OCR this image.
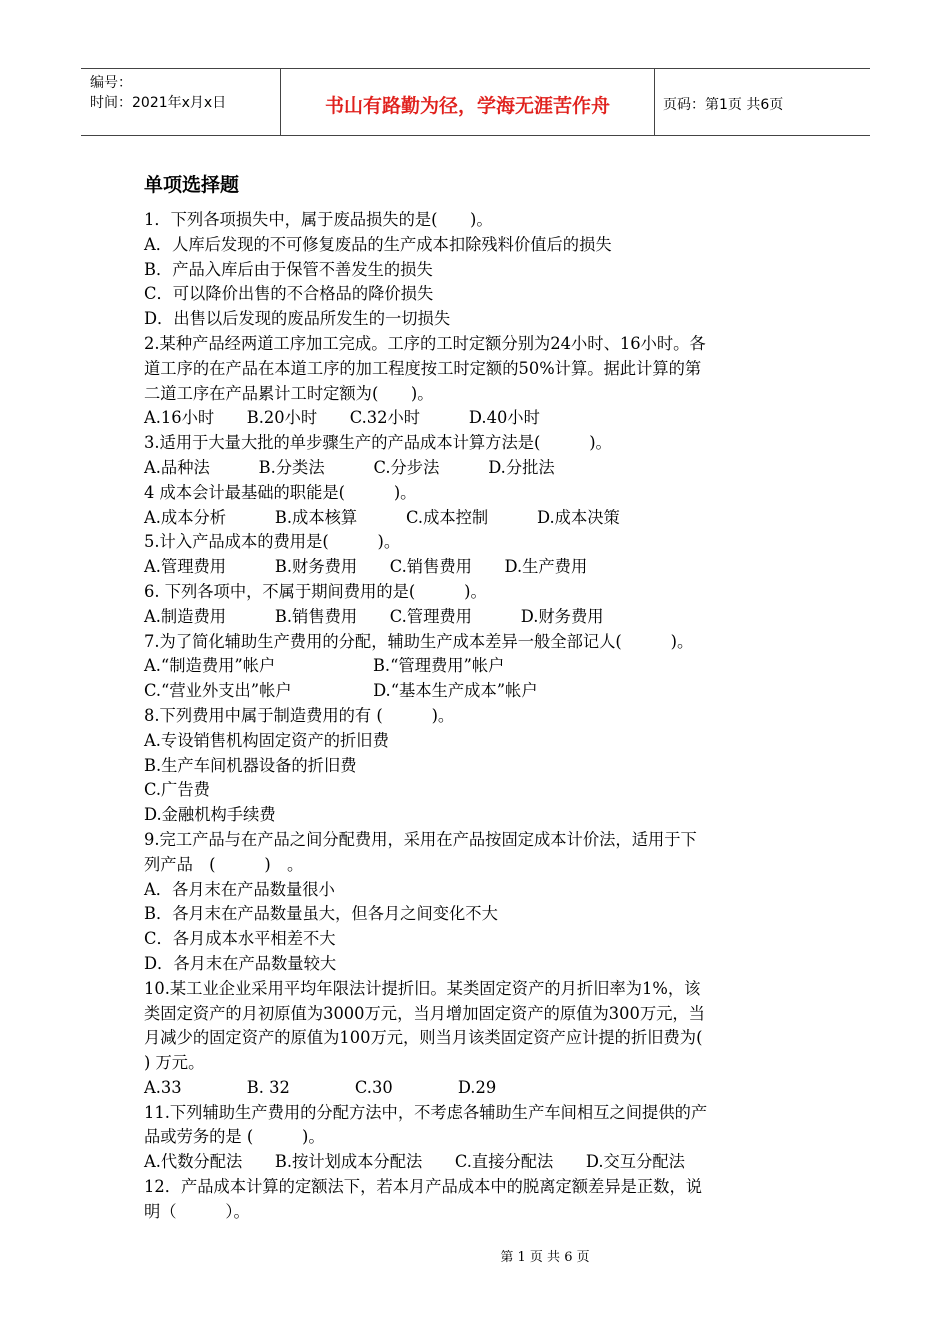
编号：
时间：2021年x月x日	书山有路勤为径，学海无涯苦作舟	页码：第1页 共6页
单项选择题
1．下列各项损失中，属于废品损失的是(　　)。
A．人库后发现的不可修复废品的生产成本扣除残料价值后的损失
B．产品入库后由于保管不善发生的损失
C．可以降价出售的不合格品的降价损失
D．出售以后发现的废品所发生的一切损失
2.某种产品经两道工序加工完成。工序的工时定额分别为24小时、16小时。各
道工序的在产品在本道工序的加工程度按工时定额的50%计算。据此计算的第
二道工序在产品累计工时定额为(　　)。
A.16小时　　B.20小时　　C.32小时　　　D.40小时
3.适用于大量大批的单步骤生产的产品成本计算方法是(　　　)。
A.品种法　　　B.分类法　　　C.分步法　　　D.分批法
4 成本会计最基础的职能是(　　　)。
A.成本分析　　　B.成本核算　　　C.成本控制　　　D.成本决策
5.计入产品成本的费用是(　　　)。
A.管理费用　　　B.财务费用　　C.销售费用　　D.生产费用
6. 下列各项中，不属于期间费用的是(　　　)。
A.制造费用　　　B.销售费用　　C.管理费用　　　D.财务费用
7.为了简化辅助生产费用的分配，辅助生产成本差异一般全部记人(　　　)。
A.“制造费用”帐户　　　　　　B.“管理费用”帐户
C.“营业外支出”帐户　　　　　D.“基本生产成本”帐户
8.下列费用中属于制造费用的有 (　　　)。
A.专设销售机构固定资产的折旧费
B.生产车间机器设备的折旧费
C.广告费
D.金融机构手续费
9.完工产品与在产品之间分配费用，采用在产品按固定成本计价法，适用于下
列产品　(　　　)　。
A．各月末在产品数量很小
B．各月末在产品数量虽大，但各月之间变化不大
C．各月成本水平相差不大
D．各月末在产品数量较大
10.某工业企业采用平均年限法计提折旧。某类固定资产的月折旧率为1%，该
类固定资产的月初原值为3000万元，当月增加固定资产的原值为300万元，当
月减少的固定资产的原值为100万元，则当月该类固定资产应计提的折旧费为(
) 万元。
A.33　　　　B. 32　　　　C.30　　　　D.29
11.下列辅助生产费用的分配方法中，不考虑各辅助生产车间相互之间提供的产
品或劳务的是 (　　　)。
A.代数分配法　　B.按计划成本分配法　　C.直接分配法　　D.交互分配法
12．产品成本计算的定额法下，若本月产品成本中的脱离定额差异是正数，说
明（　　　）。
第 1 页 共 6 页
